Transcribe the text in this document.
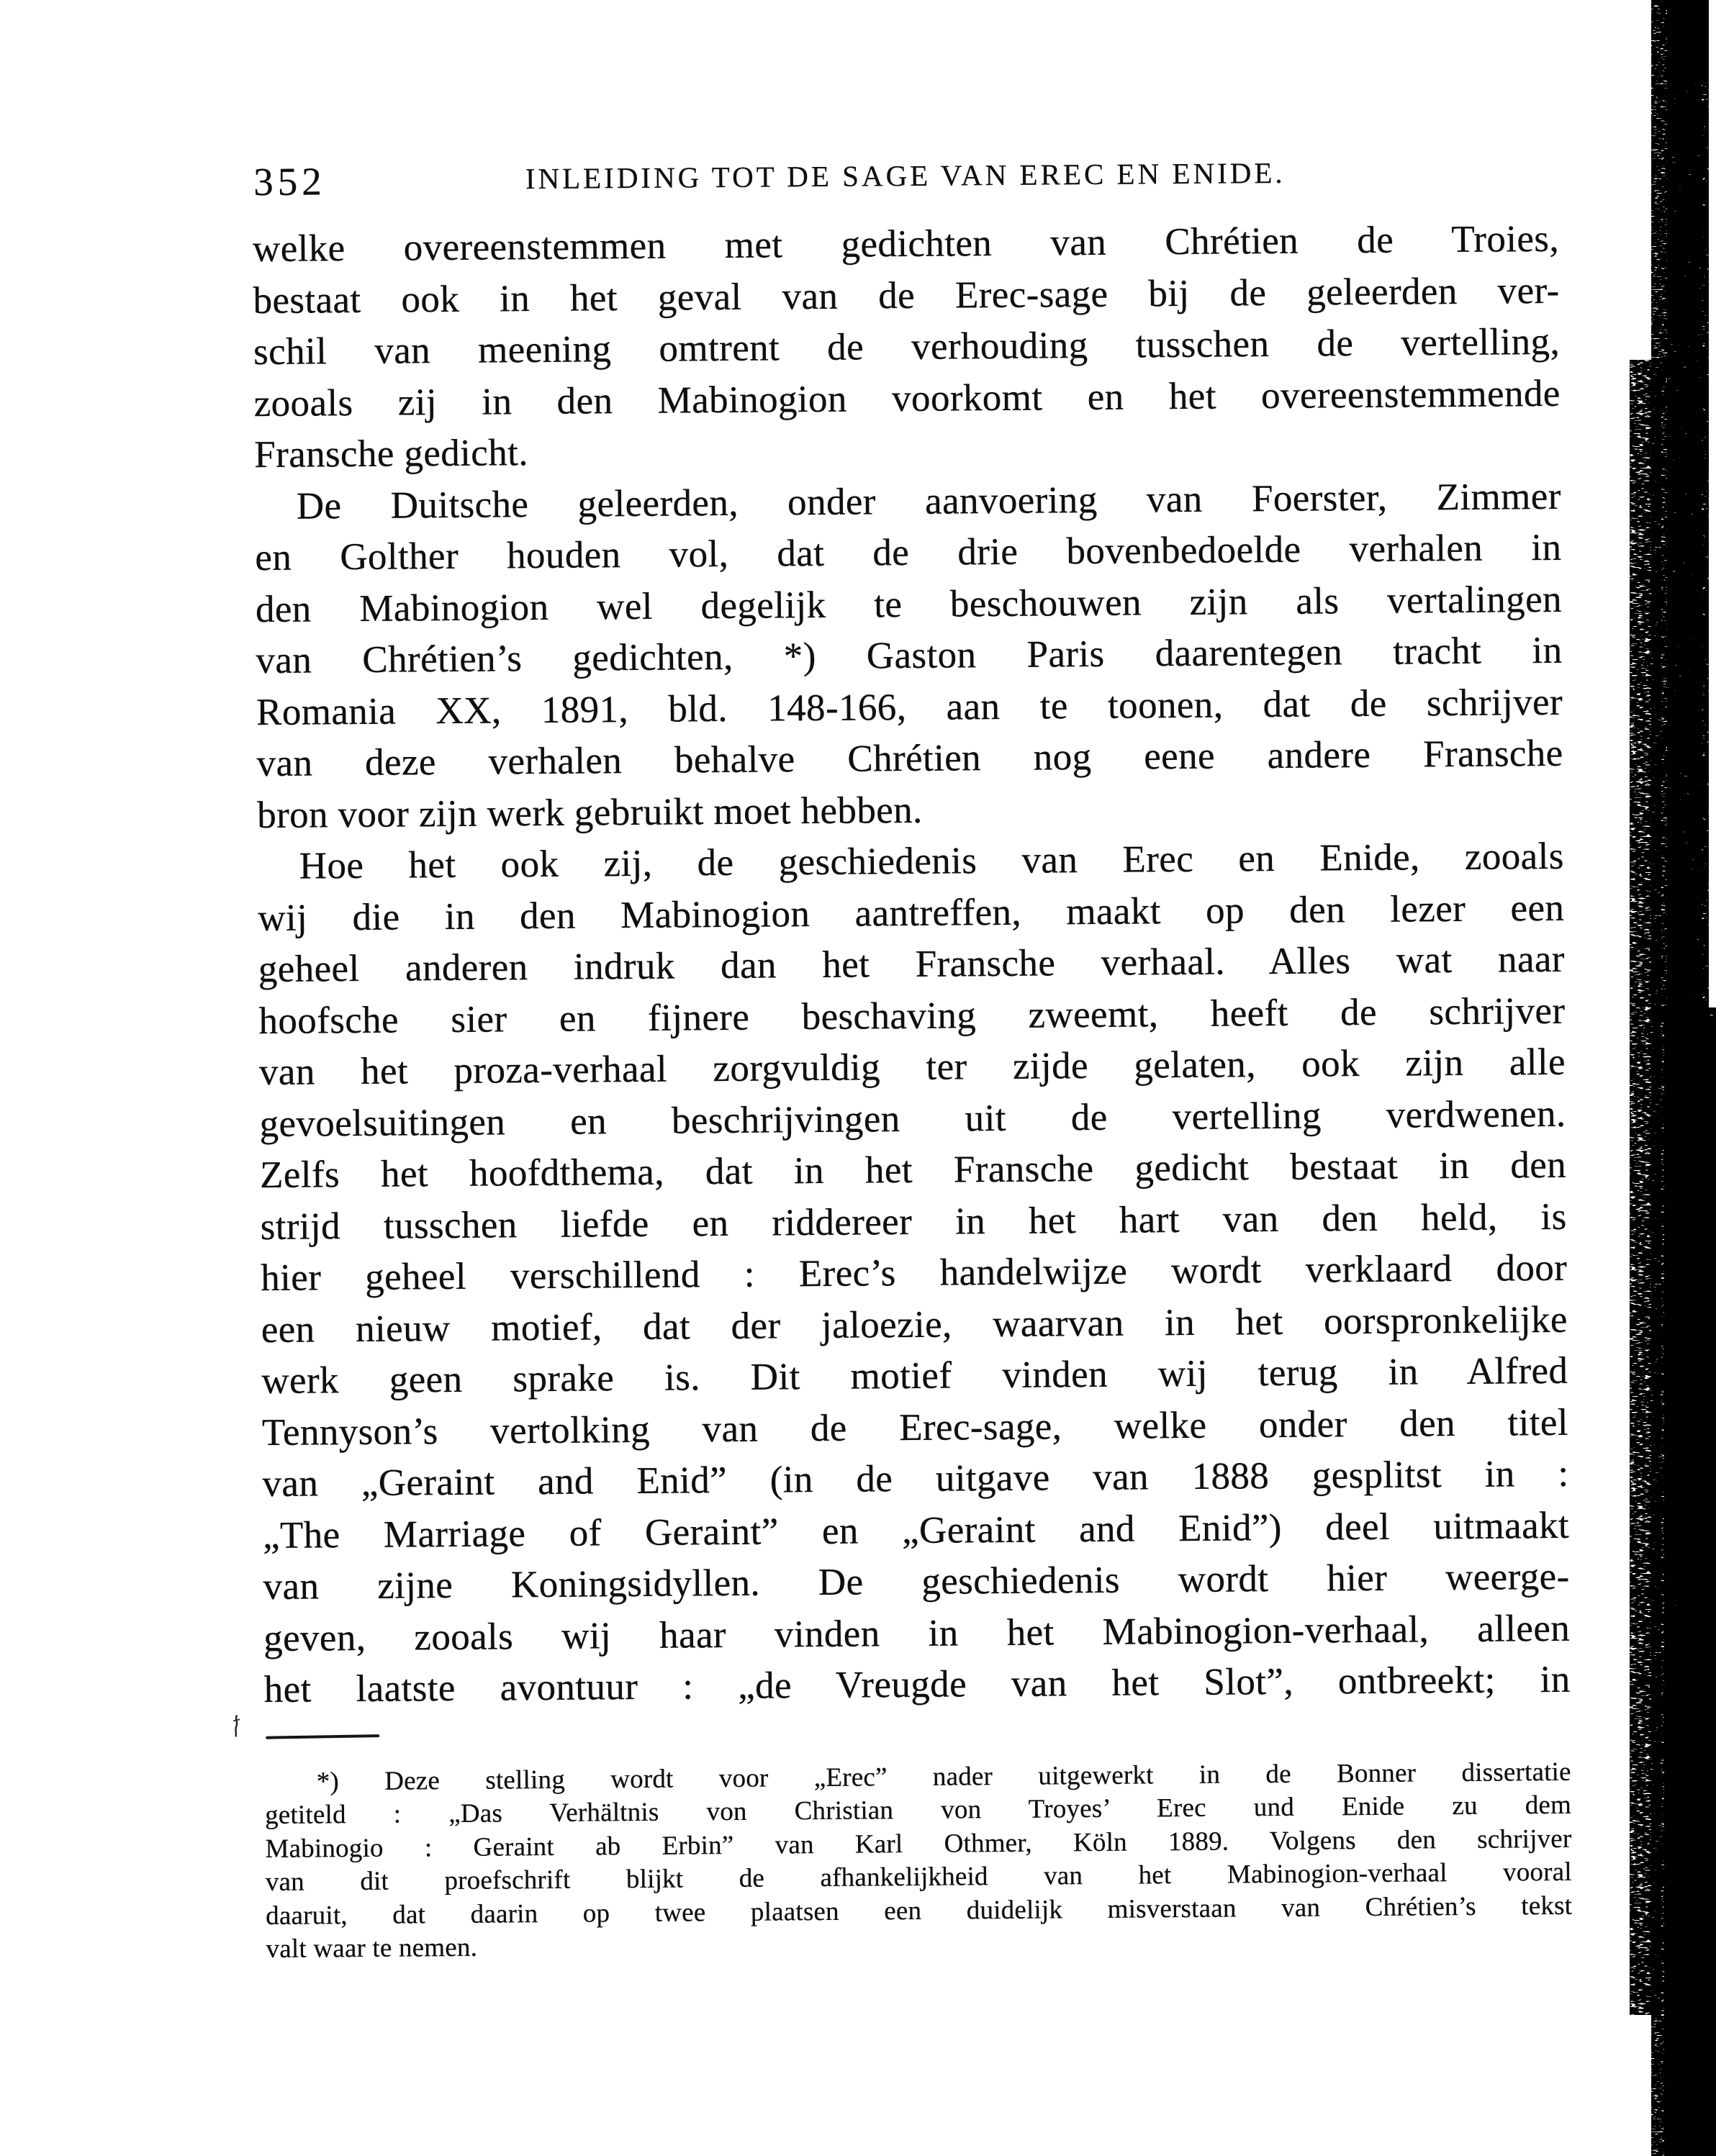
352	INLEIDING TOT DE SAGE VAN EREC EN ENIDE.
welke overeenstemmen met gedichten van Chrétien de Troies,
bestaat ook in het geval van de Erec-sage bij de geleerden ver-
schil van meening omtrent de verhouding tusschen de vertelling,
zooals zij in den Mabinogion voorkomt en het overeenstemmende
Fransche gedicht.
De Duitsche geleerden, onder aanvoering van Foerster, Zimmer
en Golther houden vol, dat de drie bovenbedoelde verhalen in
den Mabinogion wel degelijk te beschouwen zijn als vertalingen
van Chrétien’s gedichten, *) Gaston Paris daarentegen tracht in
Romania XX, 1891, bld. 148-166, aan te toonen, dat de schrijver
van deze verhalen behalve Chrétien nog eene andere Fransche
bron voor zijn werk gebruikt moet hebben.
Hoe het ook zij, de geschiedenis van Erec en Enide, zooals
wij die in den Mabinogion aantreffen, maakt op den lezer een
geheel anderen indruk dan het Fransche verhaal. Alles wat naar
hoofsche sier en fijnere beschaving zweemt, heeft de schrijver
van het proza-verhaal zorgvuldig ter zijde gelaten, ook zijn alle
gevoelsuitingen en beschrijvingen uit de vertelling verdwenen.
Zelfs het hoofdthema, dat in het Fransche gedicht bestaat in den
strijd tusschen liefde en riddereer in het hart van den held, is
hier geheel verschillend : Erec’s handelwijze wordt verklaard door
een nieuw motief, dat der jaloezie, waarvan in het oorspronkelijke
werk geen sprake is. Dit motief vinden wij terug in Alfred
Tennyson’s vertolking van de Erec-sage, welke onder den titel
van „Geraint and Enid” (in de uitgave van 1888 gesplitst in :
„The Marriage of Geraint” en „Geraint and Enid”) deel uitmaakt
van zijne Koningsidyllen. De geschiedenis wordt hier weerge-
geven, zooals wij haar vinden in het Mabinogion-verhaal, alleen
het laatste avontuur : „de Vreugde van het Slot”, ontbreekt; in
*) Deze stelling wordt voor „Erec” nader uitgewerkt in de Bonner dissertatie
getiteld : „Das Verhältnis von Christian von Troyes’ Erec und Enide zu dem
Mabinogio : Geraint ab Erbin” van Karl Othmer, Köln 1889. Volgens den schrijver
van dit proefschrift blijkt de afhankelijkheid van het Mabinogion-verhaal vooral
daaruit, dat daarin op twee plaatsen een duidelijk misverstaan van Chrétien’s tekst
valt waar te nemen.
